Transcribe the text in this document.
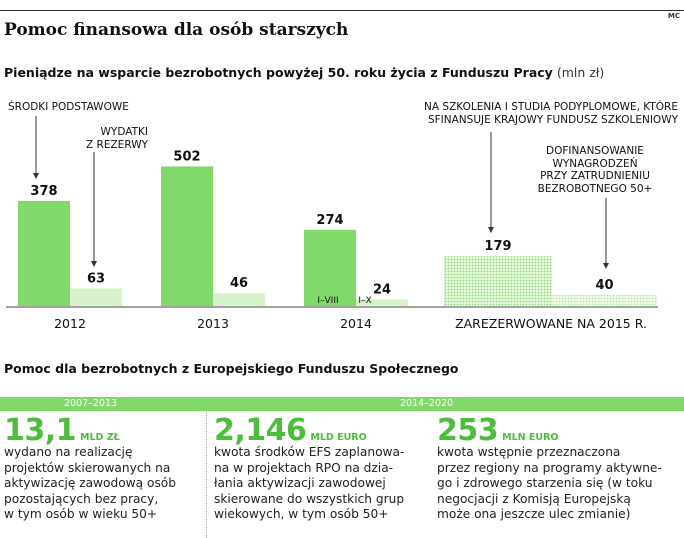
MC
Pomoc finansowa dla osób starszych
Pieniądze na wsparcie bezrobotnych powyżej 50. roku życia z Funduszu Pracy (mln zł)
ŚRODKI PODSTAWOWE
WYDATKI
Z REZERWY
NA SZKOLENIA I STUDIA PODYPLOMOWE, KTÓRE
SFINANSUJE KRAJOWY FUNDUSZ SZKOLENIOWY
DOFINANSOWANIE
WYNAGRODZEŃ
PRZY ZATRUDNIENIU
BEZROBOTNEGO 50+
378
63
2012
502
46
2013
274
I–VIII
24
I–X
2014
179
40
ZAREZERWOWANE NA 2015 R.
Pomoc dla bezrobotnych z Europejskiego Funduszu Społecznego
2007–2013	2014–2020
13,1 MLD ZŁ
wydano na realizację
projektów skierowanych na
aktywizację zawodową osób
pozostających bez pracy,
w tym osób w wieku 50+
2,146 MLD EURO
kwota środków EFS zaplanowa-
na w projektach RPO na dzia-
łania aktywizacji zawodowej
skierowane do wszystkich grup
wiekowych, w tym osób 50+
253 MLN EURO
kwota wstępnie przeznaczona
przez regiony na programy aktywne-
go i zdrowego starzenia się (w toku
negocjacji z Komisją Europejską
może ona jeszcze ulec zmianie)
